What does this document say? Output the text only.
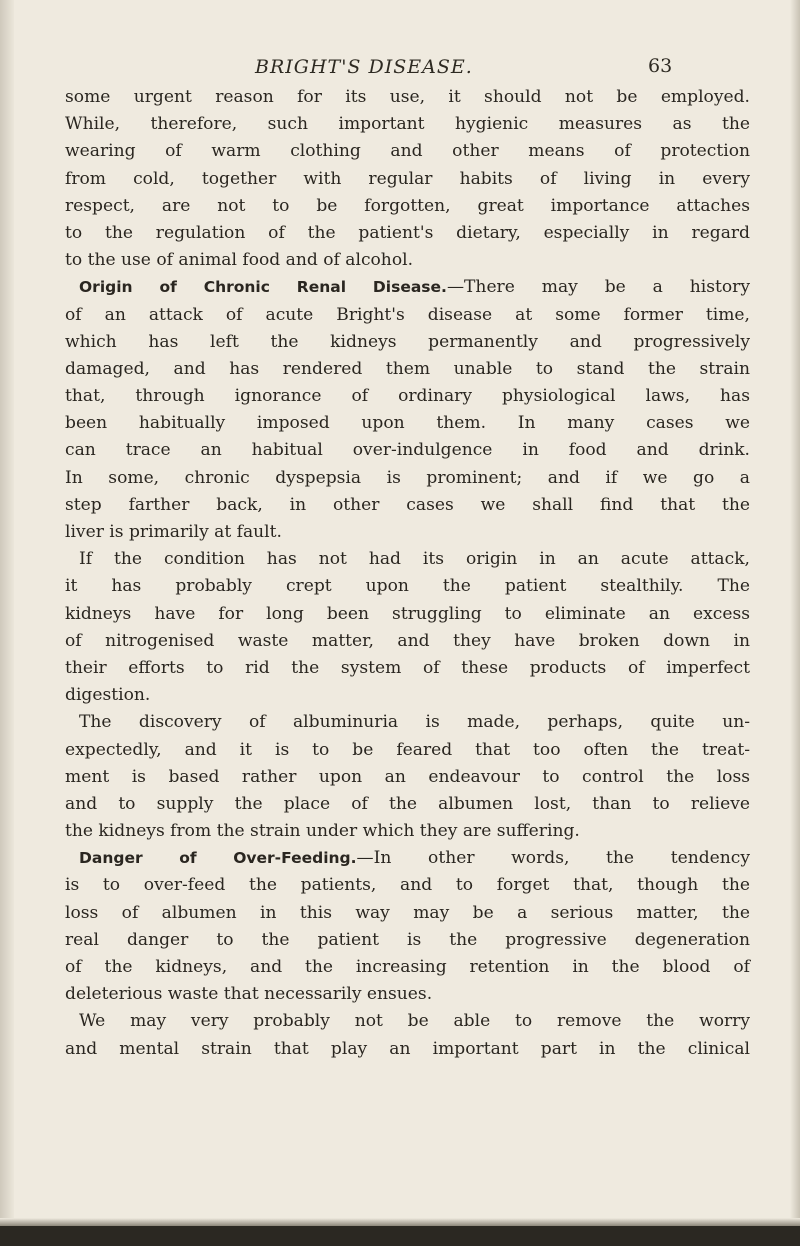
BRIGHT'S DISEASE.	63
some urgent reason for its use, it should not be employed.
While, therefore, such important hygienic measures as the
wearing of warm clothing and other means of protection
from cold, together with regular habits of living in every
respect, are not to be forgotten, great importance attaches
to the regulation of the patient's dietary, especially in regard
to the use of animal food and of alcohol.
Origin of Chronic Renal Disease.—There may be a history
of an attack of acute Bright's disease at some former time,
which has left the kidneys permanently and progressively
damaged, and has rendered them unable to stand the strain
that, through ignorance of ordinary physiological laws, has
been habitually imposed upon them. In many cases we
can trace an habitual over-indulgence in food and drink.
In some, chronic dyspepsia is prominent; and if we go a
step farther back, in other cases we shall find that the
liver is primarily at fault.
If the condition has not had its origin in an acute attack,
it has probably crept upon the patient stealthily. The
kidneys have for long been struggling to eliminate an excess
of nitrogenised waste matter, and they have broken down in
their efforts to rid the system of these products of imperfect
digestion.
The discovery of albuminuria is made, perhaps, quite un-
expectedly, and it is to be feared that too often the treat-
ment is based rather upon an endeavour to control the loss
and to supply the place of the albumen lost, than to relieve
the kidneys from the strain under which they are suffering.
Danger of Over-Feeding.—In other words, the tendency
is to over-feed the patients, and to forget that, though the
loss of albumen in this way may be a serious matter, the
real danger to the patient is the progressive degeneration
of the kidneys, and the increasing retention in the blood of
deleterious waste that necessarily ensues.
We may very probably not be able to remove the worry
and mental strain that play an important part in the clinical
